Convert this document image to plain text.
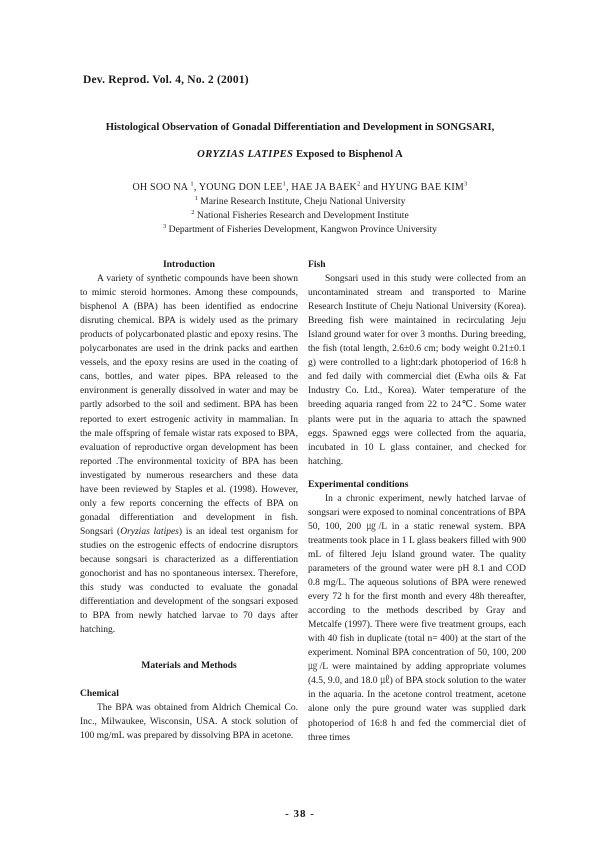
Dev. Reprod. Vol. 4, No. 2 (2001)
Histological Observation of Gonadal Differentiation and Development in SONGSARI,
ORYZIAS LATIPES Exposed to Bisphenol A
OH SOO NA $^1$, YOUNG DON LEE$^1$, HAE JA BAEK$^2$ and HYUNG BAE KIM$^3$
$^1$ Marine Research Institute, Cheju National University
$^2$ National Fisheries Research and Development Institute
$^3$ Department of Fisheries Development, Kangwon Province University
Introduction

A variety of synthetic compounds have been shown to mimic steroid hormones. Among these compounds, bisphenol A (BPA) has been identified as endocrine disruting chemical. BPA is widely used as the primary products of polycarbonated plastic and epoxy resins. The polycarbonates are used in the drink packs and earthen vessels, and the epoxy resins are used in the coating of cans, bottles, and water pipes. BPA released to the environment is generally dissolved in water and may be partly adsorbed to the soil and sediment. BPA has been reported to exert estrogenic activity in mammalian. In the male offspring of female wistar rats exposed to BPA, evaluation of reproductive organ development has been reported .The environmental toxicity of BPA has been investigated by numerous researchers and these data have been reviewed by Staples et al. (1998). However, only a few reports concerning the effects of BPA on gonadal differentiation and development in fish. Songsari (Oryzias latipes) is an ideal test organism for studies on the estrogenic effects of endocrine disruptors because songsari is characterized as a differentiation gonochorist and has no spontaneous intersex. Therefore, this study was conducted to evaluate the gonadal differentiation and development of the songsari exposed to BPA from newly hatched larvae to 70 days after hatching.

Materials and Methods
Chemical

The BPA was obtained from Aldrich Chemical Co. Inc., Milwaukee, Wisconsin, USA. A stock solution of 100 mg/mL was prepared by dissolving BPA in acetone.

Fish

Songsari used in this study were collected from an uncontaminated stream and transported to Marine Research Institute of Cheju National University (Korea). Breeding fish were maintained in recirculating Jeju Island ground water for over 3 months. During breeding, the fish (total length, 2.6±0.6 cm; body weight 0.21±0.1 g) were controlled to a light:dark photoperiod of 16:8 h and fed daily with commercial diet (Ewha oils & Fat Industry Co. Ltd., Korea). Water temperature of the breeding aquaria ranged from 22 to 24℃. Some water plants were put in the aquaria to attach the spawned eggs. Spawned eggs were collected from the aquaria, incubated in 10 L glass container, and checked for hatching.

Experimental conditions

In a chronic experiment, newly hatched larvae of songsari were exposed to nominal concentrations of BPA 50, 100, 200 ㎍/L in a static renewal system. BPA treatments took place in 1 L glass beakers filled with 900 mL of filtered Jeju Island ground water. The quality parameters of the ground water were pH 8.1 and COD 0.8 mg/L. The aqueous solutions of BPA were renewed every 72 h for the first month and every 48h thereafter, according to the methods described by Gray and Metcalfe (1997). There were five treatment groups, each with 40 fish in duplicate (total n= 400) at the start of the experiment. Nominal BPA concentration of 50, 100, 200 ㎍/L were maintained by adding appropriate volumes (4.5, 9.0, and 18.0 ㎕) of BPA stock solution to the water in the aquaria. In the acetone control treatment, acetone alone only the pure ground water was supplied dark photoperiod of 16:8 h and fed the commercial diet of three times

- 38 -
